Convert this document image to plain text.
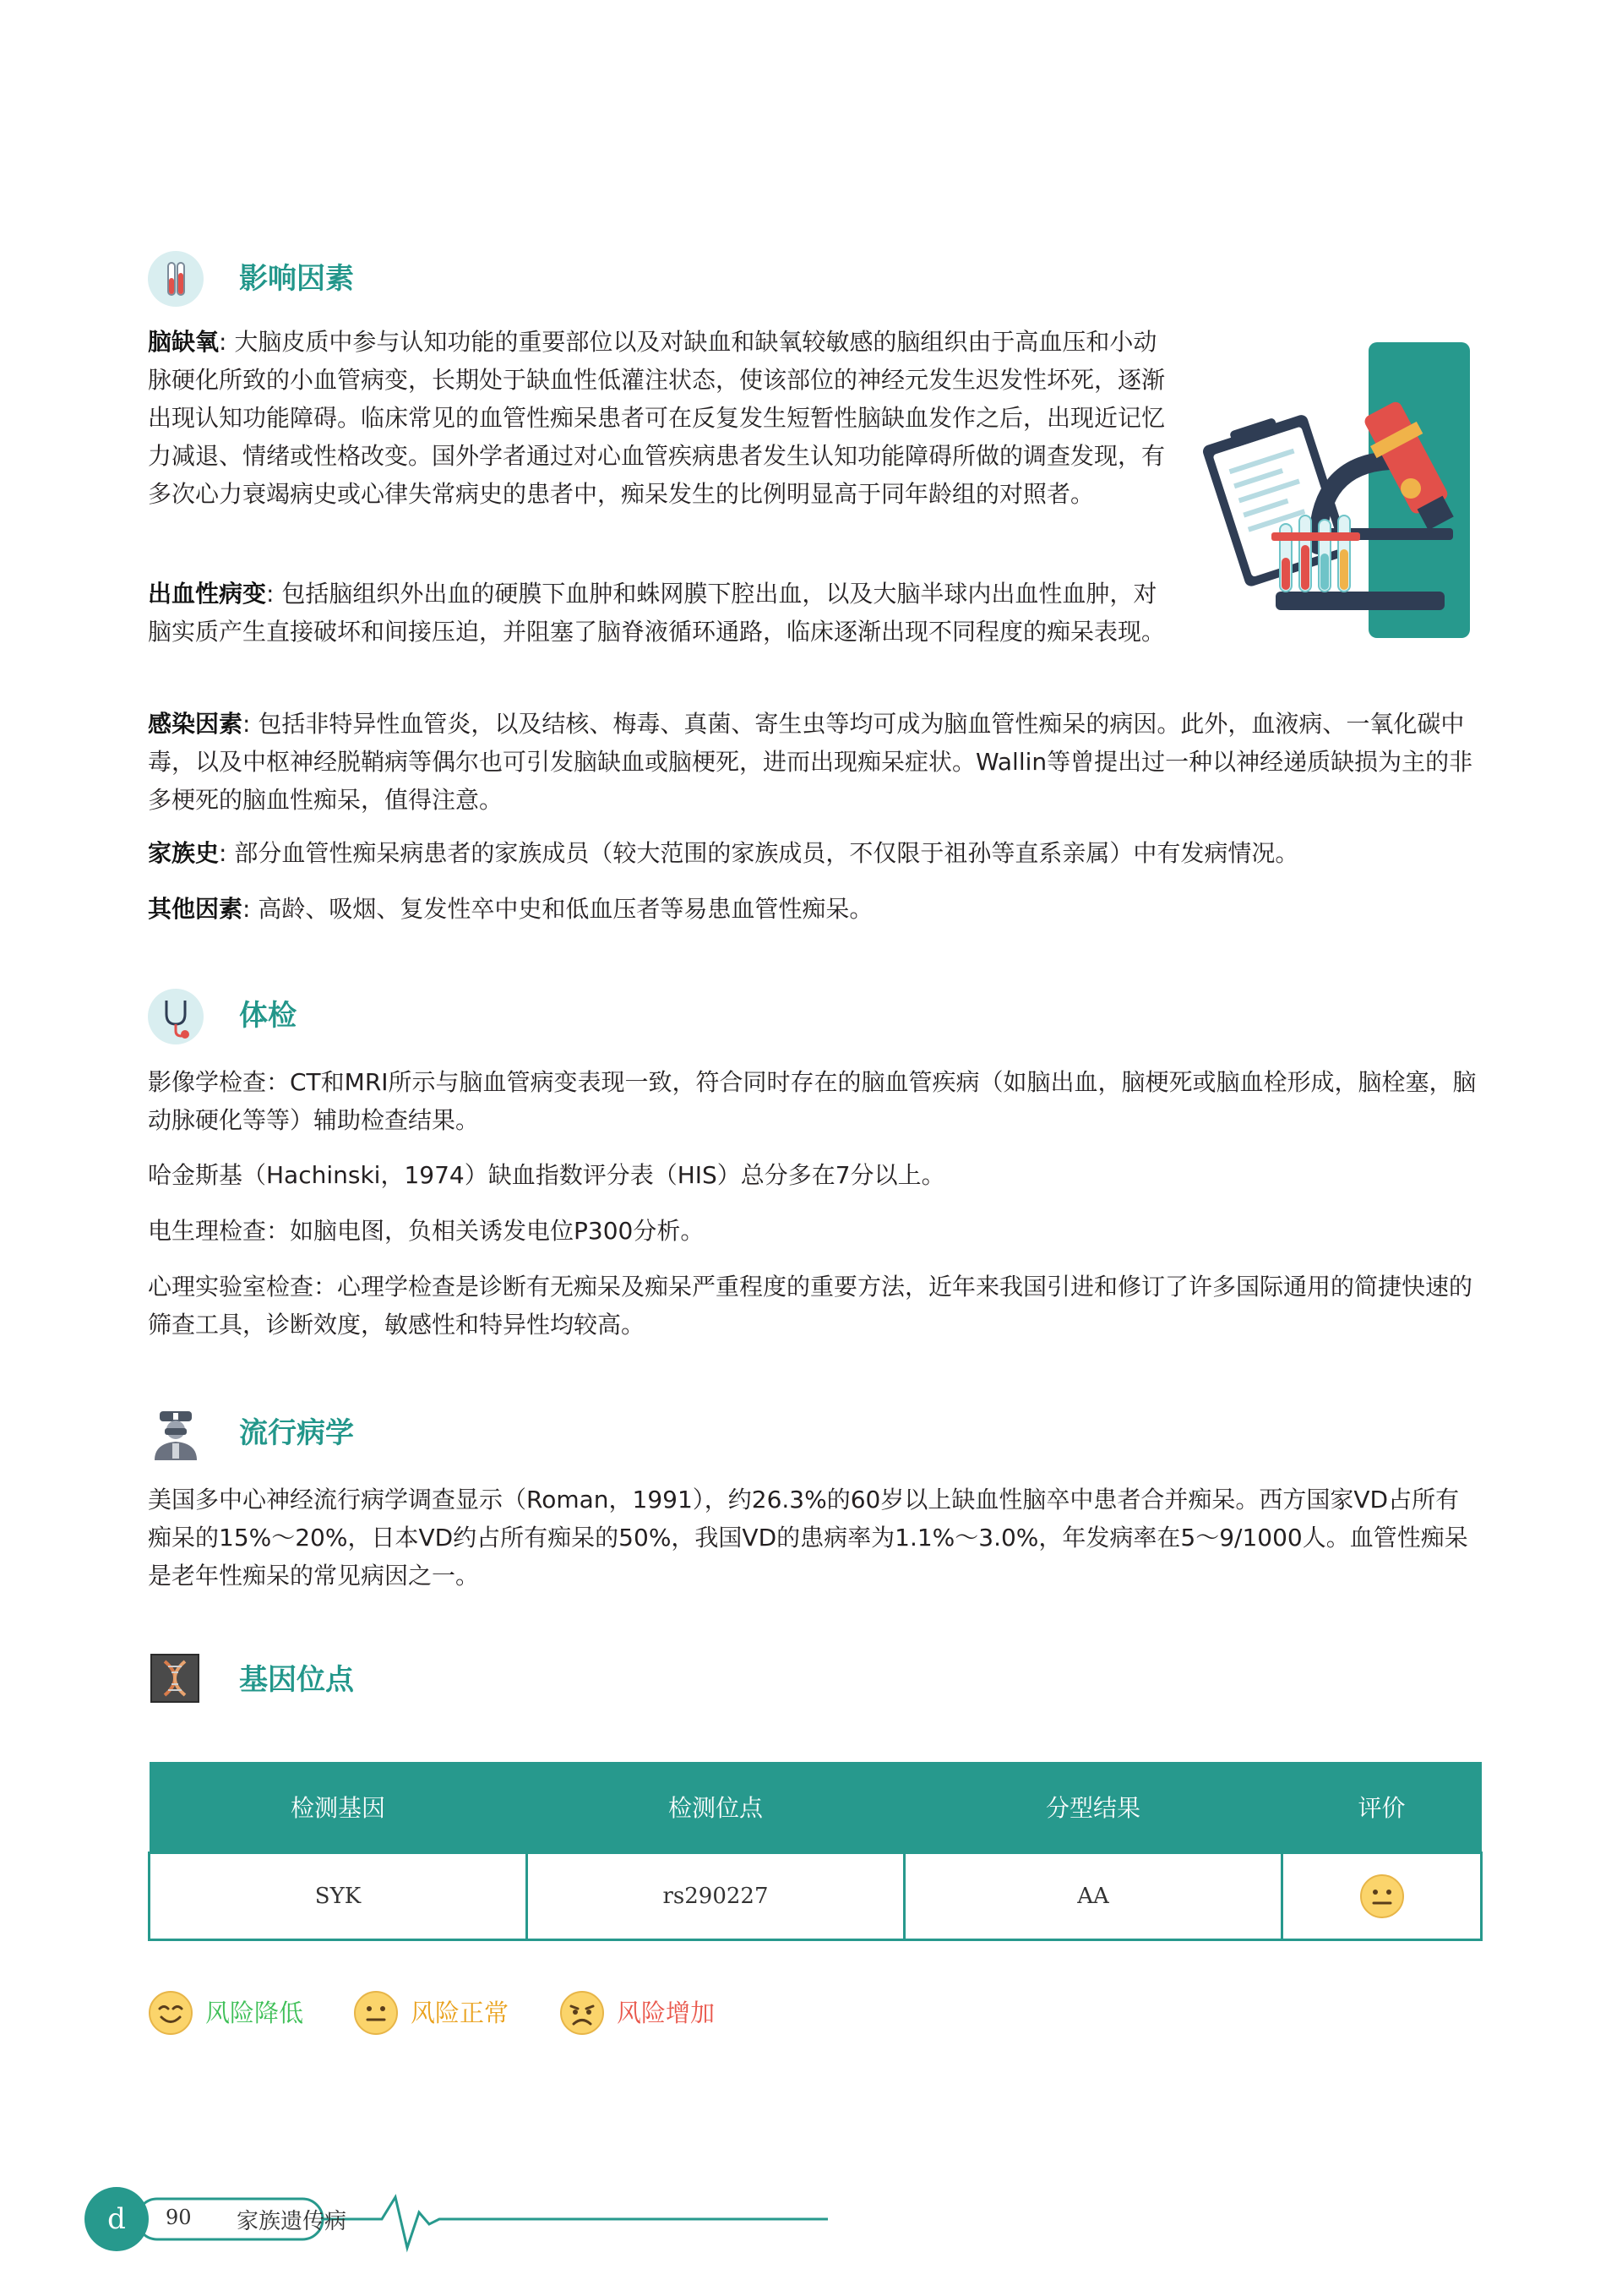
影响因素

脑缺氧: 大脑皮质中参与认知功能的重要部位以及对缺血和缺氧较敏感的脑组织由于高血压和小动脉硬化所致的小血管病变，长期处于缺血性低灌注状态，使该部位的神经元发生迟发性坏死，逐渐出现认知功能障碍。临床常见的血管性痴呆患者可在反复发生短暂性脑缺血发作之后，出现近记忆力减退、情绪或性格改变。国外学者通过对心血管疾病患者发生认知功能障碍所做的调查发现，有多次心力衰竭病史或心律失常病史的患者中，痴呆发生的比例明显高于同年龄组的对照者。

出血性病变: 包括脑组织外出血的硬膜下血肿和蛛网膜下腔出血，以及大脑半球内出血性血肿，对脑实质产生直接破坏和间接压迫，并阻塞了脑脊液循环通路，临床逐渐出现不同程度的痴呆表现。

感染因素: 包括非特异性血管炎，以及结核、梅毒、真菌、寄生虫等均可成为脑血管性痴呆的病因。此外，血液病、一氧化碳中毒，以及中枢神经脱鞘病等偶尔也可引发脑缺血或脑梗死，进而出现痴呆症状。Wallin等曾提出过一种以神经递质缺损为主的非多梗死的脑血性痴呆，值得注意。

家族史: 部分血管性痴呆病患者的家族成员（较大范围的家族成员，不仅限于祖孙等直系亲属）中有发病情况。

其他因素: 高龄、吸烟、复发性卒中史和低血压者等易患血管性痴呆。

体检

影像学检查：CT和MRI所示与脑血管病变表现一致，符合同时存在的脑血管疾病（如脑出血，脑梗死或脑血栓形成，脑栓塞，脑动脉硬化等等）辅助检查结果。

哈金斯基（Hachinski，1974）缺血指数评分表（HIS）总分多在7分以上。

电生理检查：如脑电图，负相关诱发电位P300分析。

心理实验室检查：心理学检查是诊断有无痴呆及痴呆严重程度的重要方法，近年来我国引进和修订了许多国际通用的简捷快速的筛查工具，诊断效度，敏感性和特异性均较高。

流行病学

美国多中心神经流行病学调查显示（Roman，1991），约26.3%的60岁以上缺血性脑卒中患者合并痴呆。西方国家VD占所有痴呆的15%～20%，日本VD约占所有痴呆的50%，我国VD的患病率为1.1%～3.0%，年发病率在5～9/1000人。血管性痴呆是老年性痴呆的常见病因之一。

基因位点
检测基因	检测位点	分型结果	评价
SYK	rs290227	AA	
风险降低	风险正常	风险增加
d 90 家族遗传病
